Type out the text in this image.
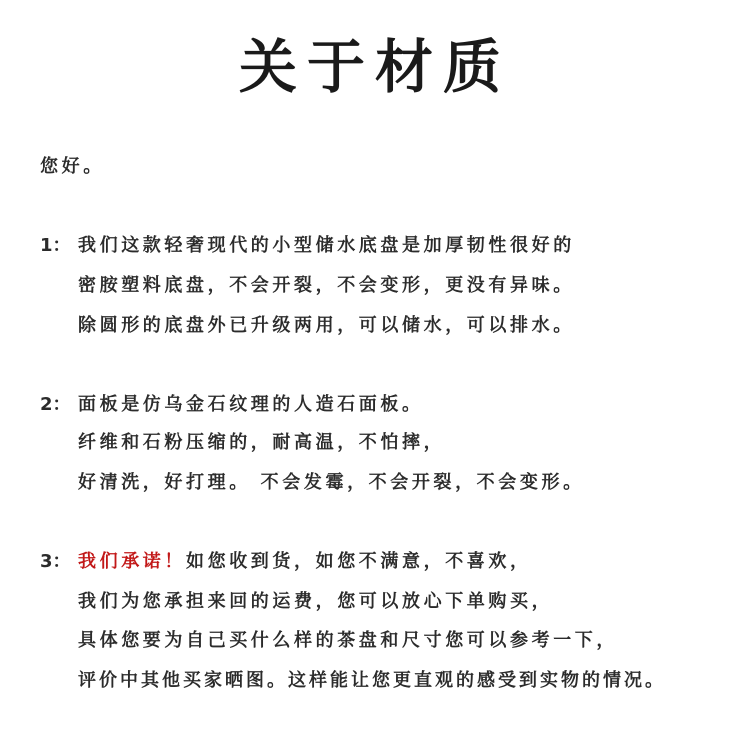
关于材质
您好。
1： 我们这款轻奢现代的小型储水底盘是加厚韧性很好的
密胺塑料底盘，不会开裂，不会变形，更没有异味。
除圆形的底盘外已升级两用，可以储水，可以排水。
2： 面板是仿乌金石纹理的人造石面板。
纤维和石粉压缩的，耐高温，不怕摔，
好清洗，好打理。 不会发霉，不会开裂，不会变形。
3： 我们承诺！如您收到货，如您不满意，不喜欢，
我们为您承担来回的运费，您可以放心下单购买，
具体您要为自己买什么样的茶盘和尺寸您可以参考一下，
评价中其他买家晒图。这样能让您更直观的感受到实物的情况。
